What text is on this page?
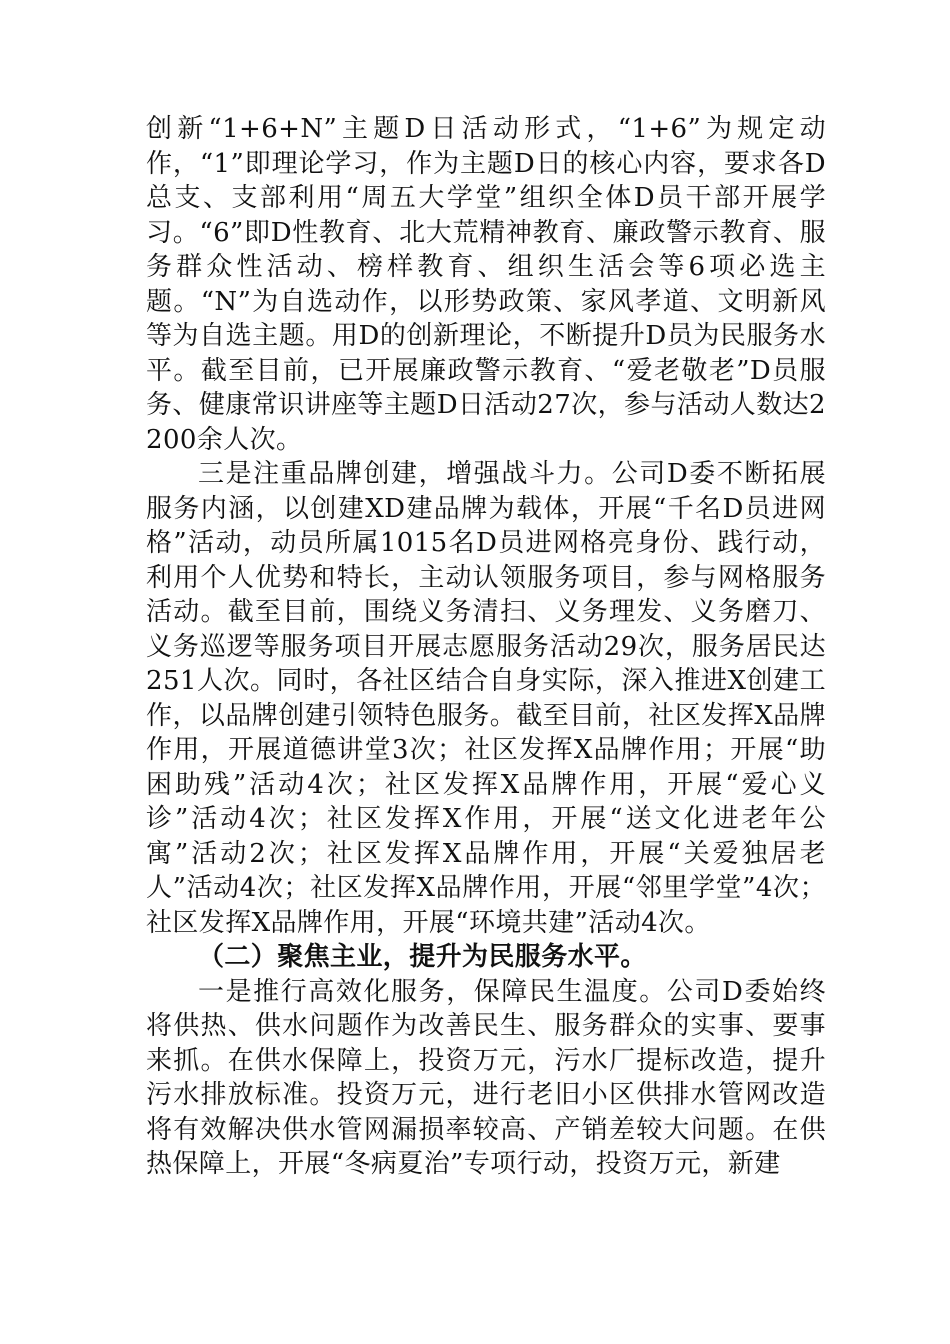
创新“1+6+N”主题D日活动形式，“1+6”为规定动作，“1”即理论学习，作为主题D日的核心内容，要求各D总支、支部利用“周五大学堂”组织全体D员干部开展学习。“6”即D性教育、北大荒精神教育、廉政警示教育、服务群众性活动、榜样教育、组织生活会等6项必选主题。“N”为自选动作，以形势政策、家风孝道、文明新风等为自选主题。用D的创新理论，不断提升D员为民服务水平。截至目前，已开展廉政警示教育、“爱老敬老”D员服务、健康常识讲座等主题D日活动27次，参与活动人数达2200余人次。

三是注重品牌创建，增强战斗力。公司D委不断拓展服务内涵，以创建XD建品牌为载体，开展“千名D员进网格”活动，动员所属1015名D员进网格亮身份、践行动，利用个人优势和特长，主动认领服务项目，参与网格服务活动。截至目前，围绕义务清扫、义务理发、义务磨刀、义务巡逻等服务项目开展志愿服务活动29次，服务居民达251人次。同时，各社区结合自身实际，深入推进X创建工作，以品牌创建引领特色服务。截至目前，社区发挥X品牌作用，开展道德讲堂3次；社区发挥X品牌作用；开展“助困助残”活动4次；社区发挥X品牌作用，开展“爱心义诊”活动4次；社区发挥X作用，开展“送文化进老年公寓”活动2次；社区发挥X品牌作用，开展“关爱独居老人”活动4次；社区发挥X品牌作用，开展“邻里学堂”4次；社区发挥X品牌作用，开展“环境共建”活动4次。

（二）聚焦主业，提升为民服务水平。

一是推行高效化服务，保障民生温度。公司D委始终将供热、供水问题作为改善民生、服务群众的实事、要事来抓。在供水保障上，投资万元，污水厂提标改造，提升污水排放标准。投资万元，进行老旧小区供排水管网改造将有效解决供水管网漏损率较高、产销差较大问题。在供热保障上，开展“冬病夏治”专项行动，投资万元，新建
